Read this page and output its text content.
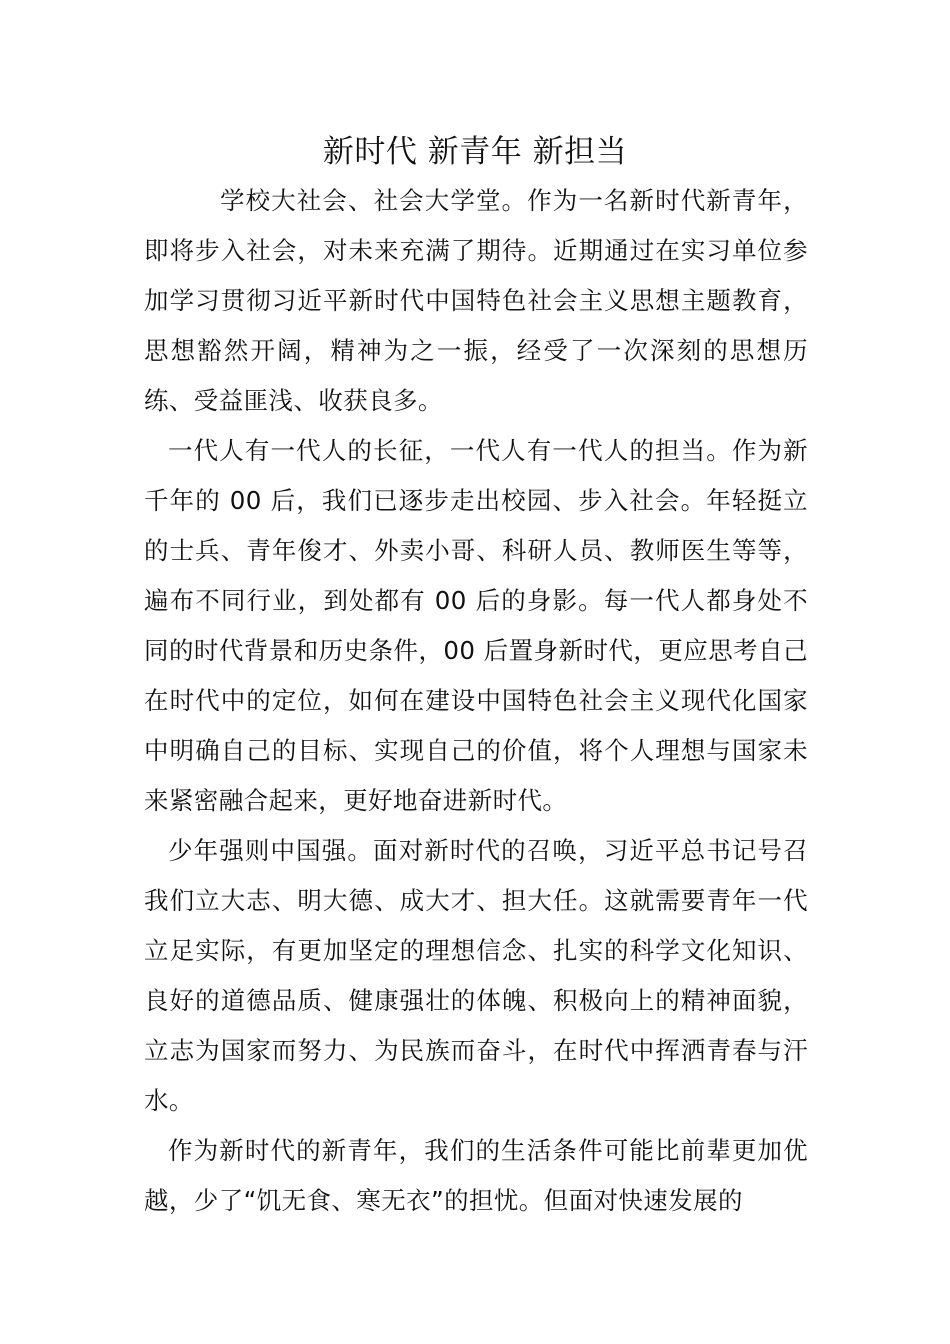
新时代 新青年 新担当

学校大社会、社会大学堂。作为一名新时代新青年，即将步入社会，对未来充满了期待。近期通过在实习单位参加学习贯彻习近平新时代中国特色社会主义思想主题教育，思想豁然开阔，精神为之一振，经受了一次深刻的思想历练、受益匪浅、收获良多。

一代人有一代人的长征，一代人有一代人的担当。作为新千年的 00 后，我们已逐步走出校园、步入社会。年轻挺立的士兵、青年俊才、外卖小哥、科研人员、教师医生等等，遍布不同行业，到处都有 00 后的身影。每一代人都身处不同的时代背景和历史条件，00 后置身新时代，更应思考自己在时代中的定位，如何在建设中国特色社会主义现代化国家中明确自己的目标、实现自己的价值，将个人理想与国家未来紧密融合起来，更好地奋进新时代。

少年强则中国强。面对新时代的召唤，习近平总书记号召我们立大志、明大德、成大才、担大任。这就需要青年一代立足实际，有更加坚定的理想信念、扎实的科学文化知识、良好的道德品质、健康强壮的体魄、积极向上的精神面貌，立志为国家而努力、为民族而奋斗，在时代中挥洒青春与汗水。

作为新时代的新青年，我们的生活条件可能比前辈更加优越，少了“饥无食、寒无衣”的担忧。但面对快速发展的
